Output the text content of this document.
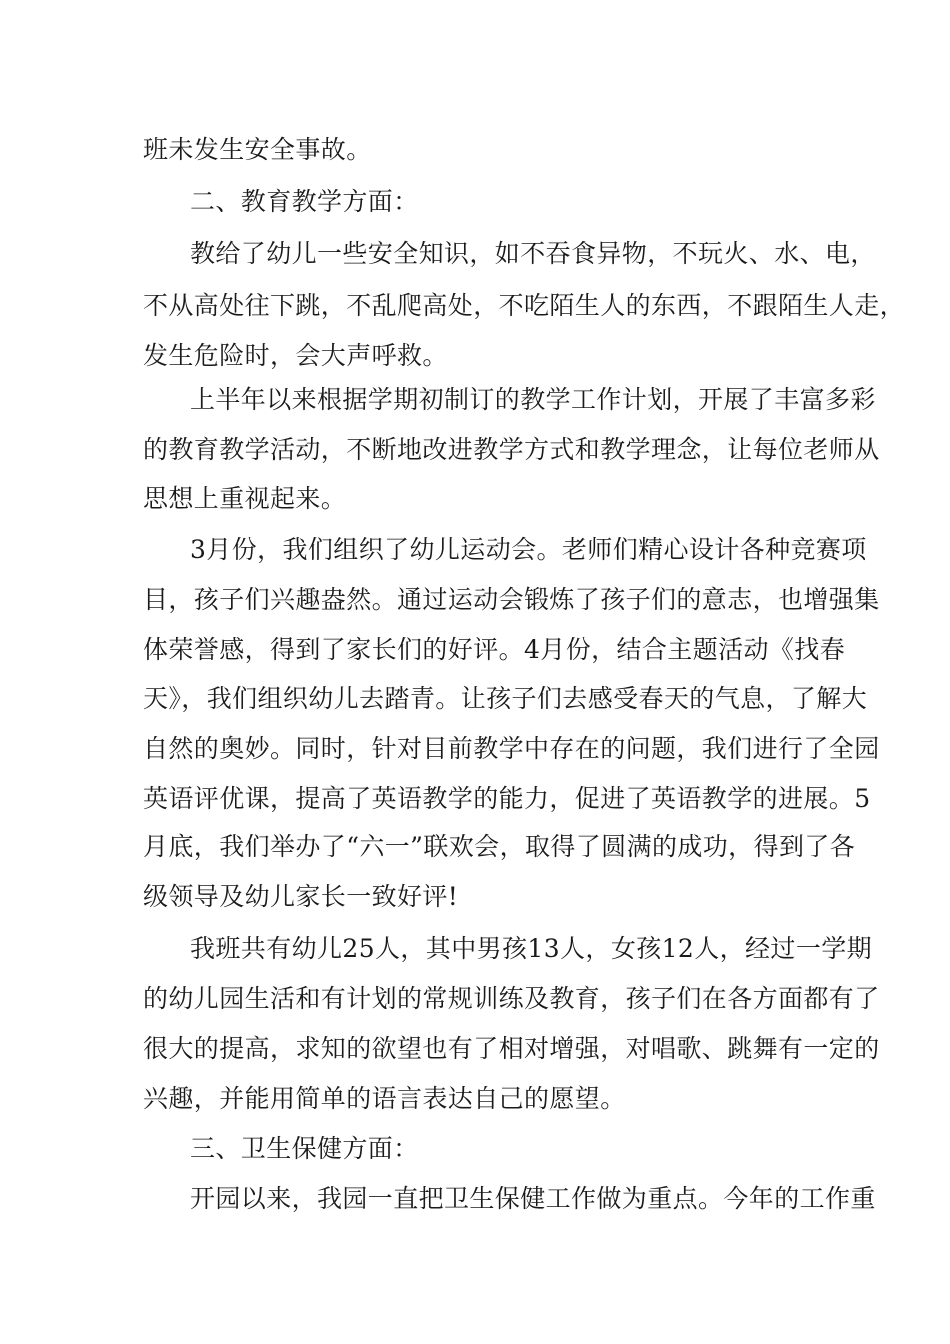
班未发生安全事故。
二、教育教学方面：
教给了幼儿一些安全知识，如不吞食异物，不玩火、水、电，
不从高处往下跳，不乱爬高处，不吃陌生人的东西，不跟陌生人走，
发生危险时，会大声呼救。
上半年以来根据学期初制订的教学工作计划，开展了丰富多彩
的教育教学活动，不断地改进教学方式和教学理念，让每位老师从
思想上重视起来。
3月份，我们组织了幼儿运动会。老师们精心设计各种竞赛项
目，孩子们兴趣盎然。通过运动会锻炼了孩子们的意志，也增强集
体荣誉感，得到了家长们的好评。4月份，结合主题活动《找春
天》，我们组织幼儿去踏青。让孩子们去感受春天的气息，了解大
自然的奥妙。同时，针对目前教学中存在的问题，我们进行了全园
英语评优课，提高了英语教学的能力，促进了英语教学的进展。5
月底，我们举办了“六一”联欢会，取得了圆满的成功，得到了各
级领导及幼儿家长一致好评!
我班共有幼儿25人，其中男孩13人，女孩12人，经过一学期
的幼儿园生活和有计划的常规训练及教育，孩子们在各方面都有了
很大的提高，求知的欲望也有了相对增强，对唱歌、跳舞有一定的
兴趣，并能用简单的语言表达自己的愿望。
三、卫生保健方面：
开园以来，我园一直把卫生保健工作做为重点。今年的工作重
